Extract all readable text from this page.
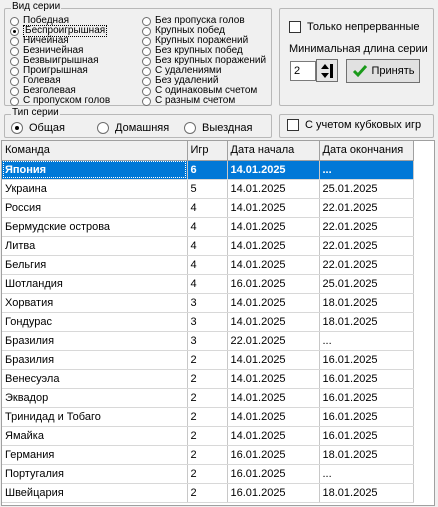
Вид серии
Победная
Беспроигрышная
Ничейная
Безничейная
Безвыигрышная
Проигрышная
Голевая
Безголевая
С пропуском голов
Без пропуска голов
Крупных побед
Крупных поражений
Без крупных побед
Без крупных поражений
С удалениями
Без удалений
С одинаковым счетом
С разным счетом
Только непрерванные
Минимальная длина серии
2	Принять
Тип серии
Общая	Домашняя	Выездная	С учетом кубковых игр
Команда	Игр	Дата начала	Дата окончания
Япония	6	14.01.2025	...
Украина	5	14.01.2025	25.01.2025
Россия	4	14.01.2025	22.01.2025
Бермудские острова	4	14.01.2025	22.01.2025
Литва	4	14.01.2025	22.01.2025
Бельгия	4	14.01.2025	22.01.2025
Шотландия	4	16.01.2025	25.01.2025
Хорватия	3	14.01.2025	18.01.2025
Гондурас	3	14.01.2025	18.01.2025
Бразилия	3	22.01.2025	...
Бразилия	2	14.01.2025	16.01.2025
Венесуэла	2	14.01.2025	16.01.2025
Эквадор	2	14.01.2025	16.01.2025
Тринидад и Тобаго	2	14.01.2025	16.01.2025
Ямайка	2	14.01.2025	16.01.2025
Германия	2	16.01.2025	18.01.2025
Португалия	2	16.01.2025	...
Швейцария	2	16.01.2025	18.01.2025
